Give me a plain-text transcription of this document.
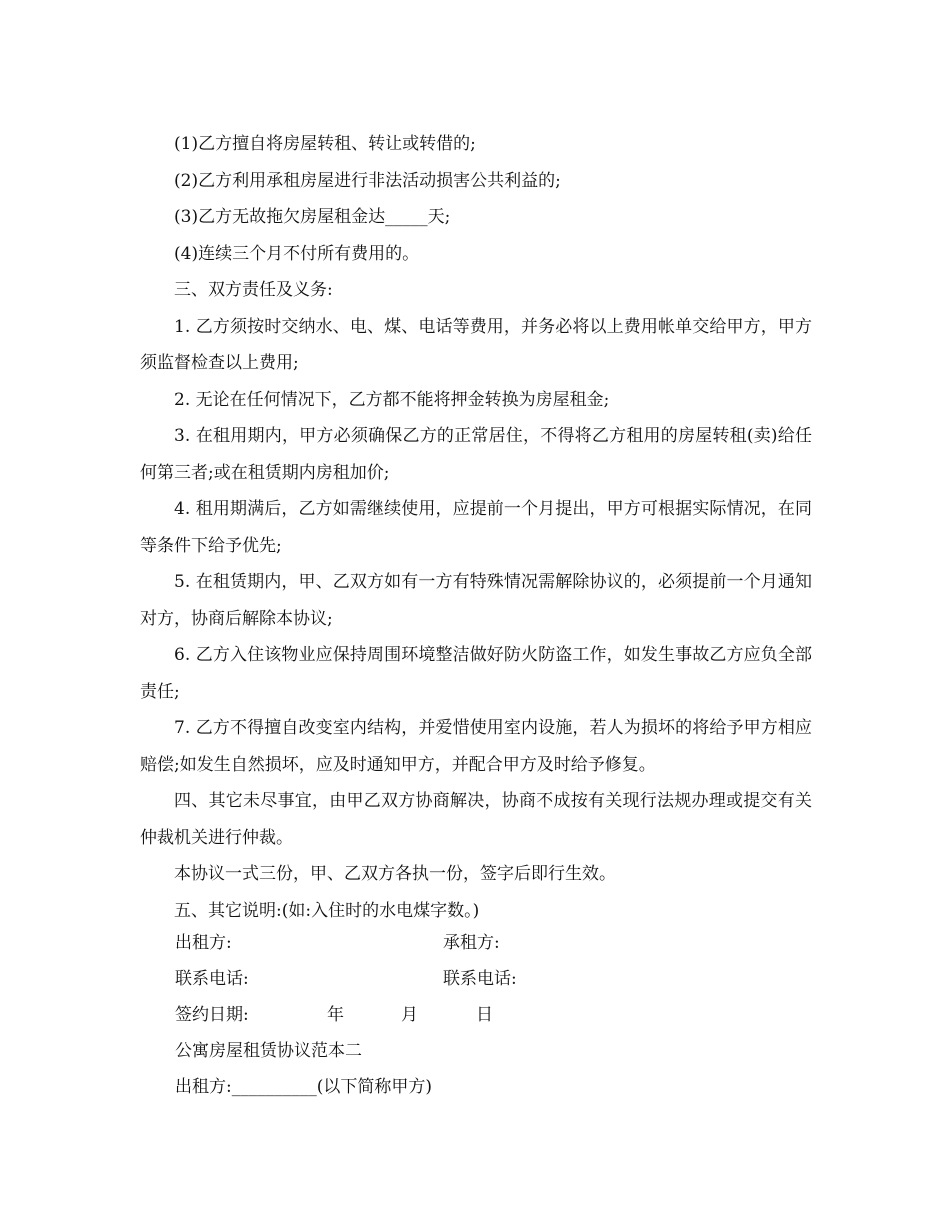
(1)乙方擅自将房屋转租、转让或转借的;

(2)乙方利用承租房屋进行非法活动损害公共利益的;

(3)乙方无故拖欠房屋租金达_____天;

(4)连续三个月不付所有费用的。

三、双方责任及义务:

1. 乙方须按时交纳水、电、煤、电话等费用，并务必将以上费用帐单交给甲方，甲方须监督检查以上费用;

2. 无论在任何情况下，乙方都不能将押金转换为房屋租金;

3. 在租用期内，甲方必须确保乙方的正常居住，不得将乙方租用的房屋转租(卖)给任何第三者;或在租赁期内房租加价;

4. 租用期满后，乙方如需继续使用，应提前一个月提出，甲方可根据实际情况，在同等条件下给予优先;

5. 在租赁期内，甲、乙双方如有一方有特殊情况需解除协议的，必须提前一个月通知对方，协商后解除本协议;

6. 乙方入住该物业应保持周围环境整洁做好防火防盗工作，如发生事故乙方应负全部责任;

7. 乙方不得擅自改变室内结构，并爱惜使用室内设施，若人为损坏的将给予甲方相应赔偿;如发生自然损坏，应及时通知甲方，并配合甲方及时给予修复。

四、其它未尽事宜，由甲乙双方协商解决，协商不成按有关现行法规办理或提交有关仲裁机关进行仲裁。

本协议一式三份，甲、乙双方各执一份，签字后即行生效。

五、其它说明:(如:入住时的水电煤字数。)

出租方:	承租方:
联系电话:	联系电话:
签约日期:	年	月	日
公寓房屋租赁协议范本二
出租方:__________(以下简称甲方)
